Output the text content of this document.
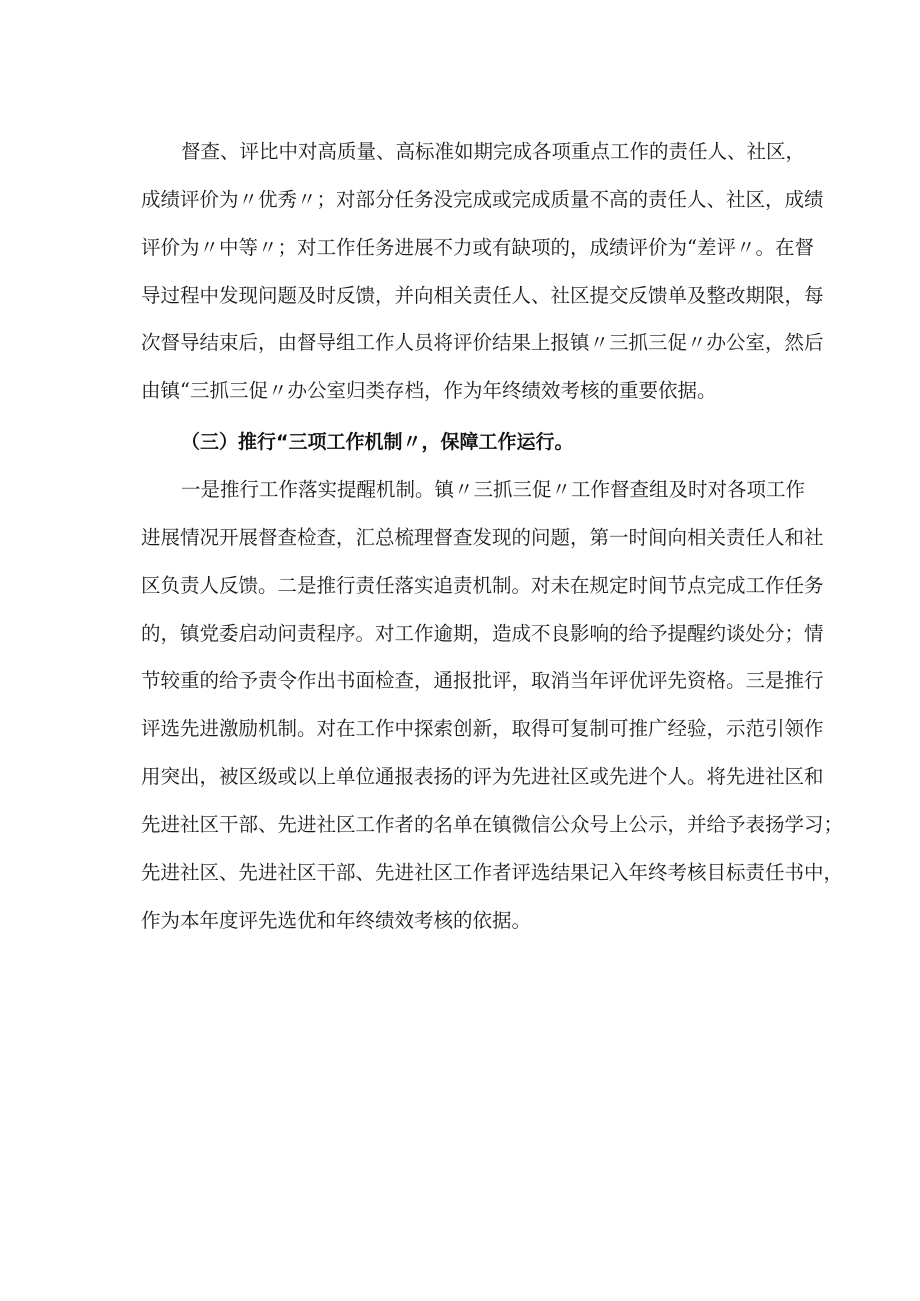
督查、评比中对高质量、高标准如期完成各项重点工作的责任人、社区，
成绩评价为〃优秀〃；对部分任务没完成或完成质量不高的责任人、社区，成绩
评价为〃中等〃；对工作任务进展不力或有缺项的，成绩评价为“差评〃。在督
导过程中发现问题及时反馈，并向相关责任人、社区提交反馈单及整改期限，每
次督导结束后，由督导组工作人员将评价结果上报镇〃三抓三促〃办公室，然后
由镇“三抓三促〃办公室归类存档，作为年终绩效考核的重要依据。
（三）推行“三项工作机制〃，保障工作运行。
一是推行工作落实提醒机制。镇〃三抓三促〃工作督查组及时对各项工作
进展情况开展督查检查，汇总梳理督查发现的问题，第一时间向相关责任人和社
区负责人反馈。二是推行责任落实追责机制。对未在规定时间节点完成工作任务
的，镇党委启动问责程序。对工作逾期，造成不良影响的给予提醒约谈处分；情
节较重的给予责令作出书面检查，通报批评，取消当年评优评先资格。三是推行
评选先进激励机制。对在工作中探索创新，取得可复制可推广经验，示范引领作
用突出，被区级或以上单位通报表扬的评为先进社区或先进个人。将先进社区和
先进社区干部、先进社区工作者的名单在镇微信公众号上公示，并给予表扬学习；
先进社区、先进社区干部、先进社区工作者评选结果记入年终考核目标责任书中，
作为本年度评先选优和年终绩效考核的依据。
